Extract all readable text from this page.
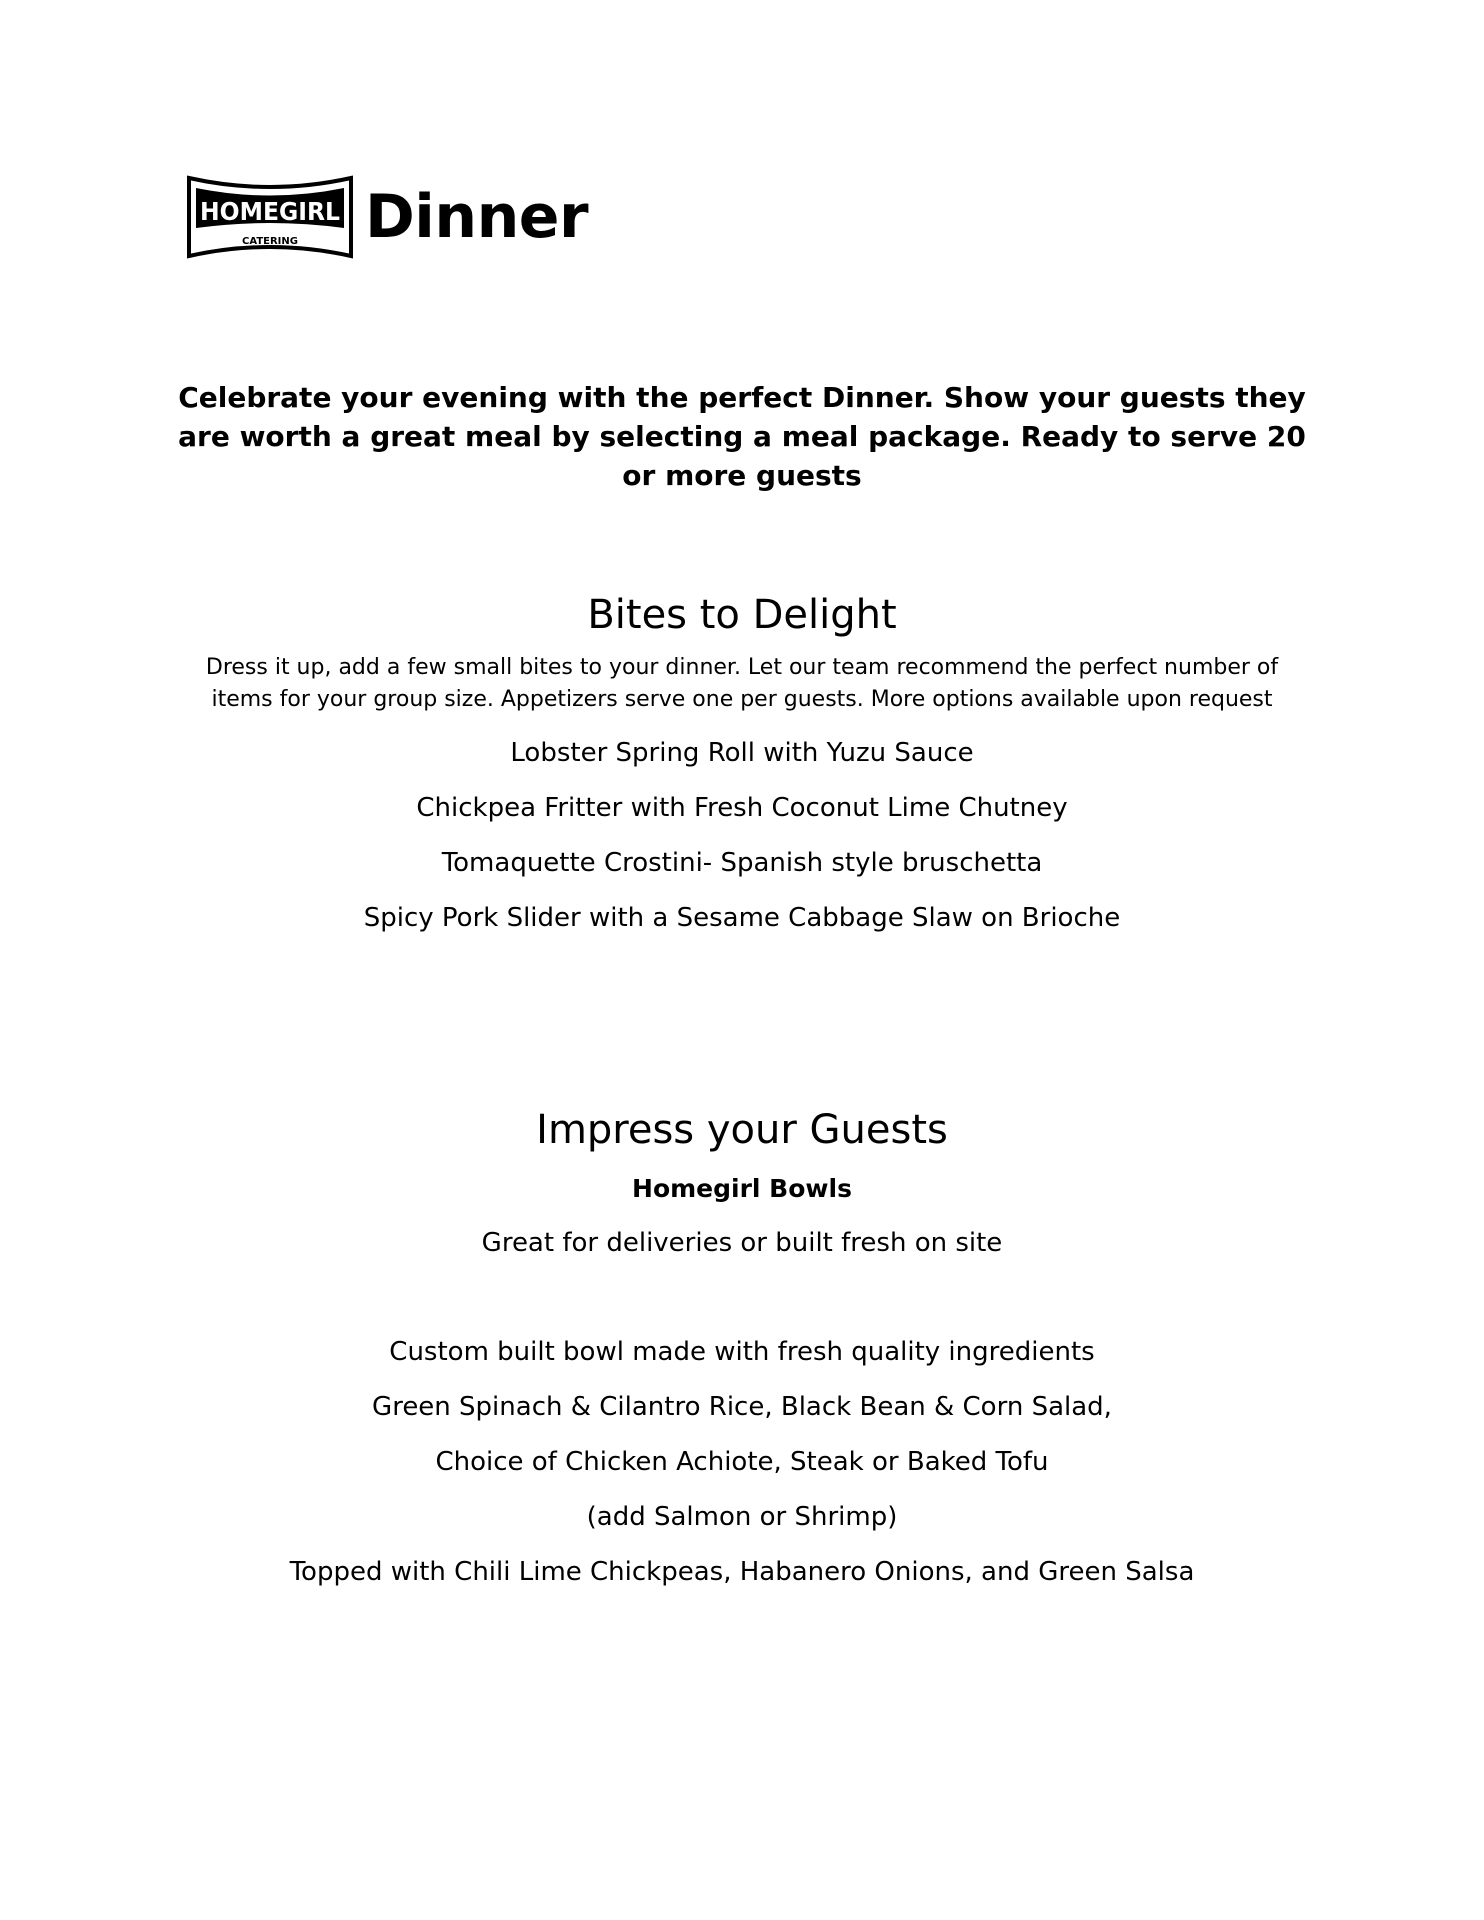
HOMEGIRL
CATERING Dinner
Celebrate your evening with the perfect Dinner. Show your guests they are worth a great meal by selecting a meal package. Ready to serve 20 or more guests
Bites to Delight

Dress it up, add a few small bites to your dinner. Let our team recommend the perfect number of items for your group size. Appetizers serve one per guests. More options available upon request

Lobster Spring Roll with Yuzu Sauce
Chickpea Fritter with Fresh Coconut Lime Chutney
Tomaquette Crostini- Spanish style bruschetta
Spicy Pork Slider with a Sesame Cabbage Slaw on Brioche
Impress your Guests
Homegirl Bowls
Great for deliveries or built fresh on site
Custom built bowl made with fresh quality ingredients
Green Spinach & Cilantro Rice, Black Bean & Corn Salad,
Choice of Chicken Achiote, Steak or Baked Tofu
(add Salmon or Shrimp)
Topped with Chili Lime Chickpeas, Habanero Onions, and Green Salsa
